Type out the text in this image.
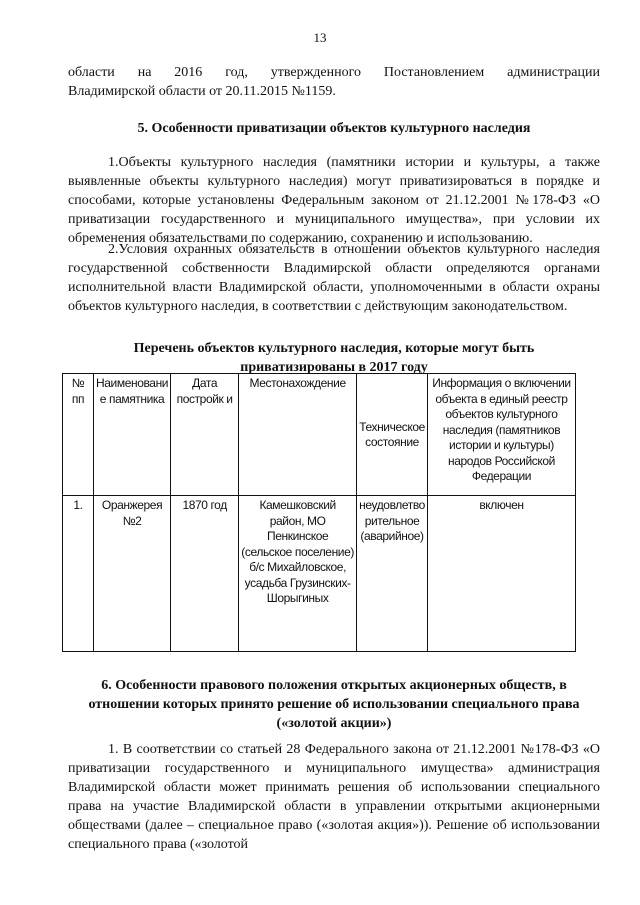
13
области на 2016 год, утвержденного Постановлением администрации
Владимирской области от 20.11.2015 №1159.
5. Особенности приватизации объектов культурного наследия
1.Объекты культурного наследия (памятники истории и культуры, а также выявленные объекты культурного наследия) могут приватизироваться в порядке и способами, которые установлены Федеральным законом от 21.12.2001 №178-ФЗ «О приватизации государственного и муниципального имущества», при условии их обременения обязательствами по содержанию, сохранению и использованию.
2.Условия охранных обязательств в отношении объектов культурного наследия государственной собственности Владимирской области определяются органами исполнительной власти Владимирской области, уполномоченными в области охраны объектов культурного наследия, в соответствии с действующим законодательством.
Перечень объектов культурного наследия, которые могут быть
приватизированы в 2017 году
№ пп	Наименовани е памятника	Дата постройк и	Местонахождение	Техническое состояние	Информация о включении объекта в единый реестр объектов культурного наследия (памятников истории и культуры) народов Российской Федерации
1.	Оранжерея №2	1870 год	Камешковский район, МО Пенкинское (сельское поселение) б/с Михайловское, усадьба Грузинских-Шорыгиных	неудовлетво рительное (аварийное)	включен
6. Особенности правового положения открытых акционерных обществ, в
отношении которых принято решение об использовании специального права
(«золотой акции»)
1. В соответствии со статьей 28 Федерального закона от 21.12.2001 №178-ФЗ «О приватизации государственного и муниципального имущества» администрация Владимирской области может принимать решения об использовании специального права на участие Владимирской области в управлении открытыми акционерными обществами (далее – специальное право («золотая акция»)). Решение об использовании специального права («золотой
